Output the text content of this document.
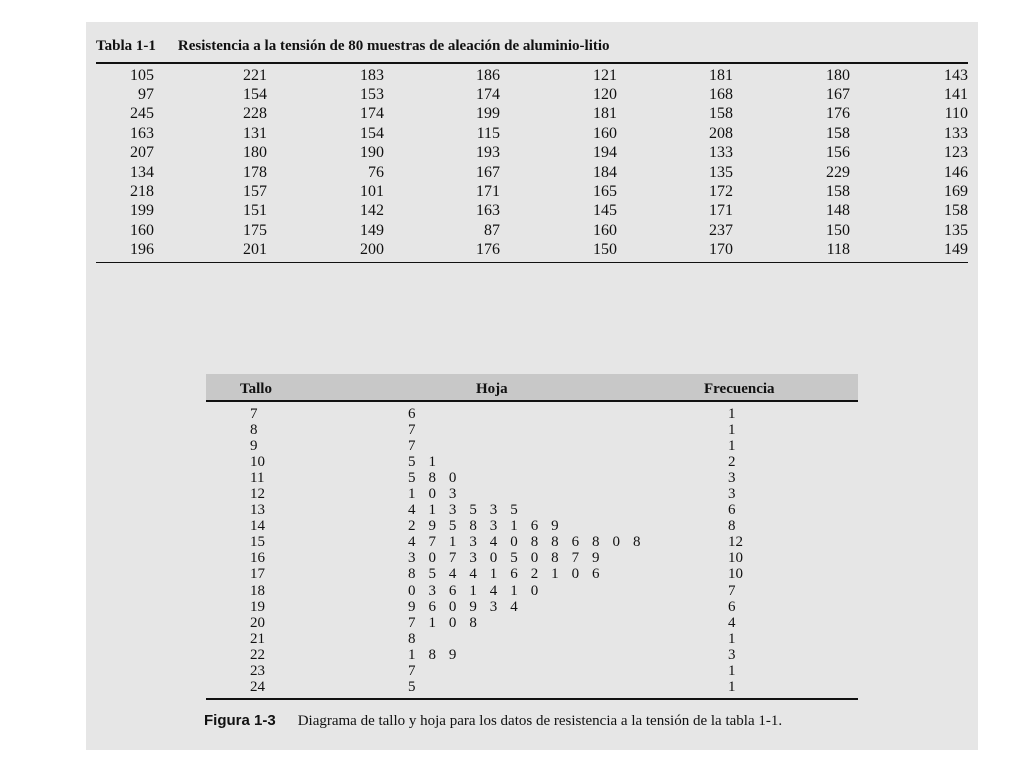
Tabla 1-1 Resistencia a la tensión de 80 muestras de aleación de aluminio-litio
105	221	183	186	121	181	180	143
97	154	153	174	120	168	167	141
245	228	174	199	181	158	176	110
163	131	154	115	160	208	158	133
207	180	190	193	194	133	156	123
134	178	76	167	184	135	229	146
218	157	101	171	165	172	158	169
199	151	142	163	145	171	148	158
160	175	149	87	160	237	150	135
196	201	200	176	150	170	118	149
Tallo	Hoja	Frecuencia
7	6	1
8	7	1
9	7	1
10	5 1	2
11	5 8 0	3
12	1 0 3	3
13	4 1 3 5 3 5	6
14	2 9 5 8 3 1 6 9	8
15	4 7 1 3 4 0 8 8 6 8 0 8	12
16	3 0 7 3 0 5 0 8 7 9	10
17	8 5 4 4 1 6 2 1 0 6	10
18	0 3 6 1 4 1 0	7
19	9 6 0 9 3 4	6
20	7 1 0 8	4
21	8	1
22	1 8 9	3
23	7	1
24	5	1
Figura 1-3 Diagrama de tallo y hoja para los datos de resistencia a la tensión de la tabla 1-1.
